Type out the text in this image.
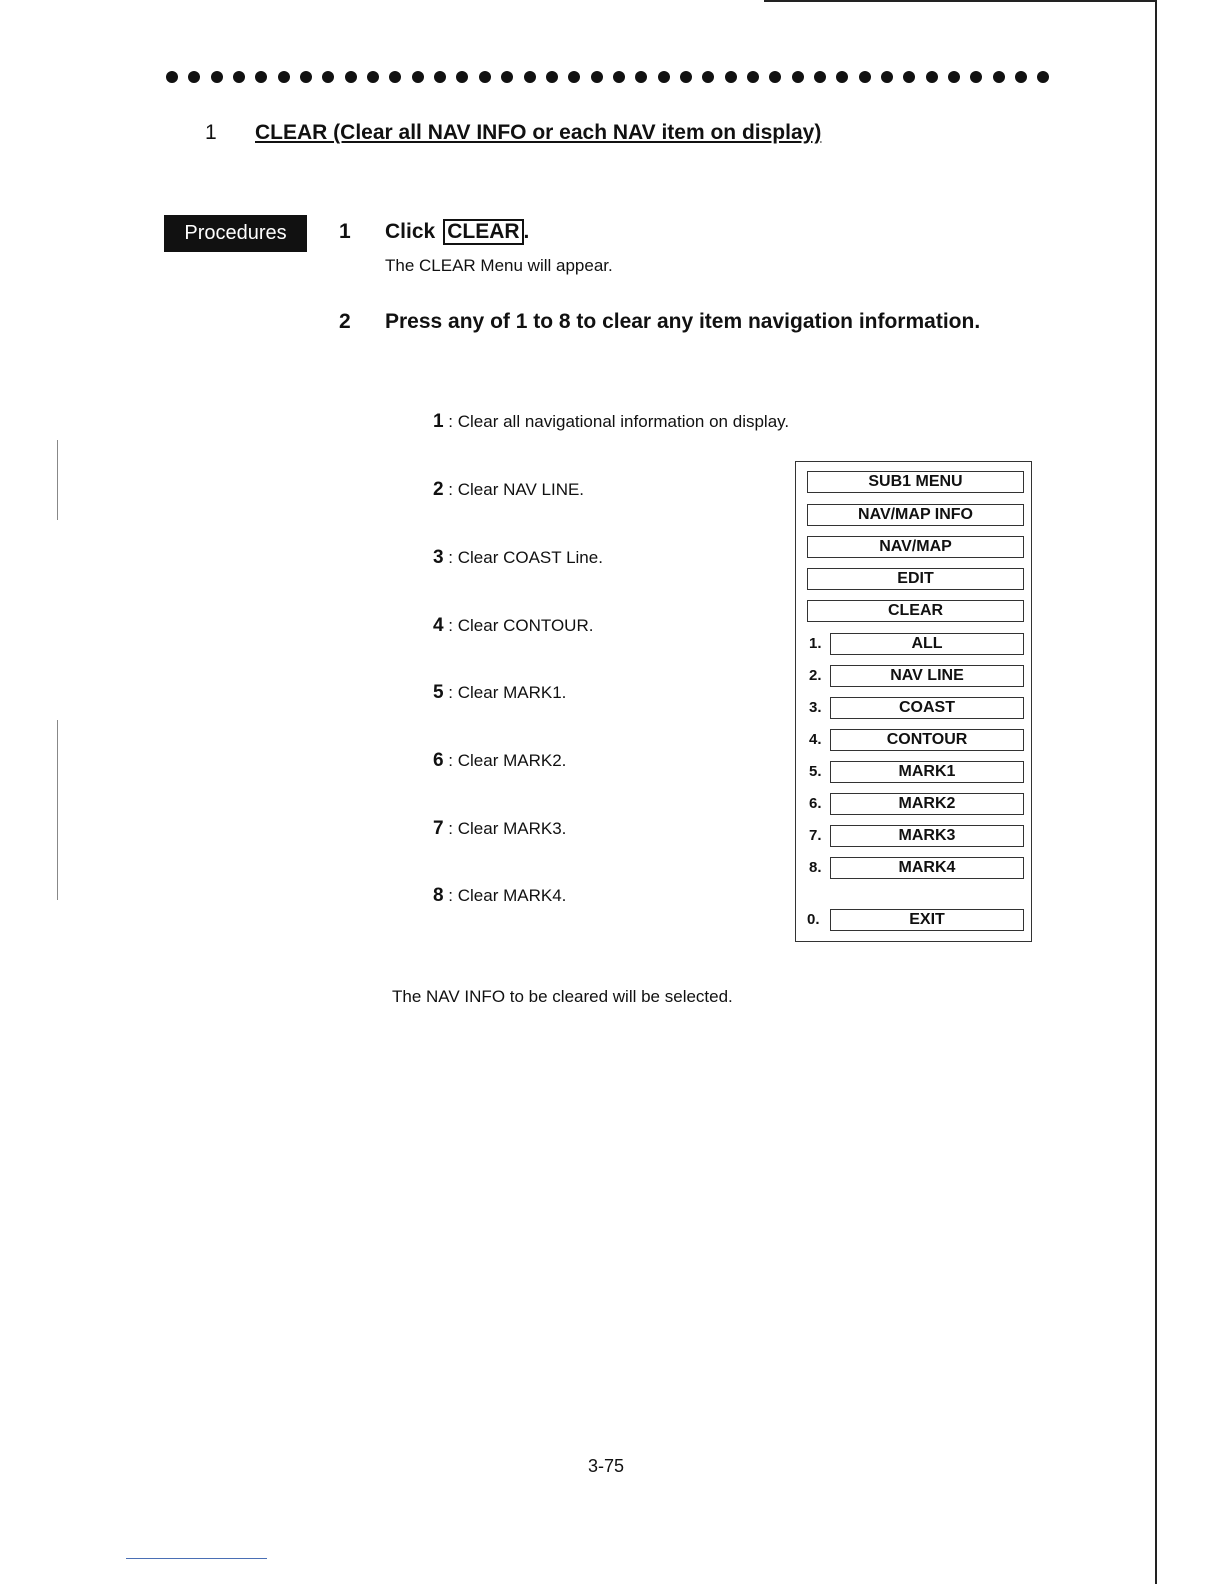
1 CLEAR (Clear all NAV INFO or each NAV item on display)
Procedures	1 Click CLEAR .
The CLEAR Menu will appear.
2 Press any of 1 to 8 to clear any item navigation information.
1 : Clear all navigational information on display.
2 : Clear NAV LINE.
3 : Clear COAST Line.
4 : Clear CONTOUR.
5 : Clear MARK1.
6 : Clear MARK2.
7 : Clear MARK3.
8 : Clear MARK4.
SUB1 MENU
NAV/MAP INFO
NAV/MAP
EDIT
CLEAR
1.	ALL
2.	NAV LINE
3.	COAST
4.	CONTOUR
5.	MARK1
6.	MARK2
7.	MARK3
8.	MARK4
0.	EXIT
The NAV INFO to be cleared will be selected.
3-75
